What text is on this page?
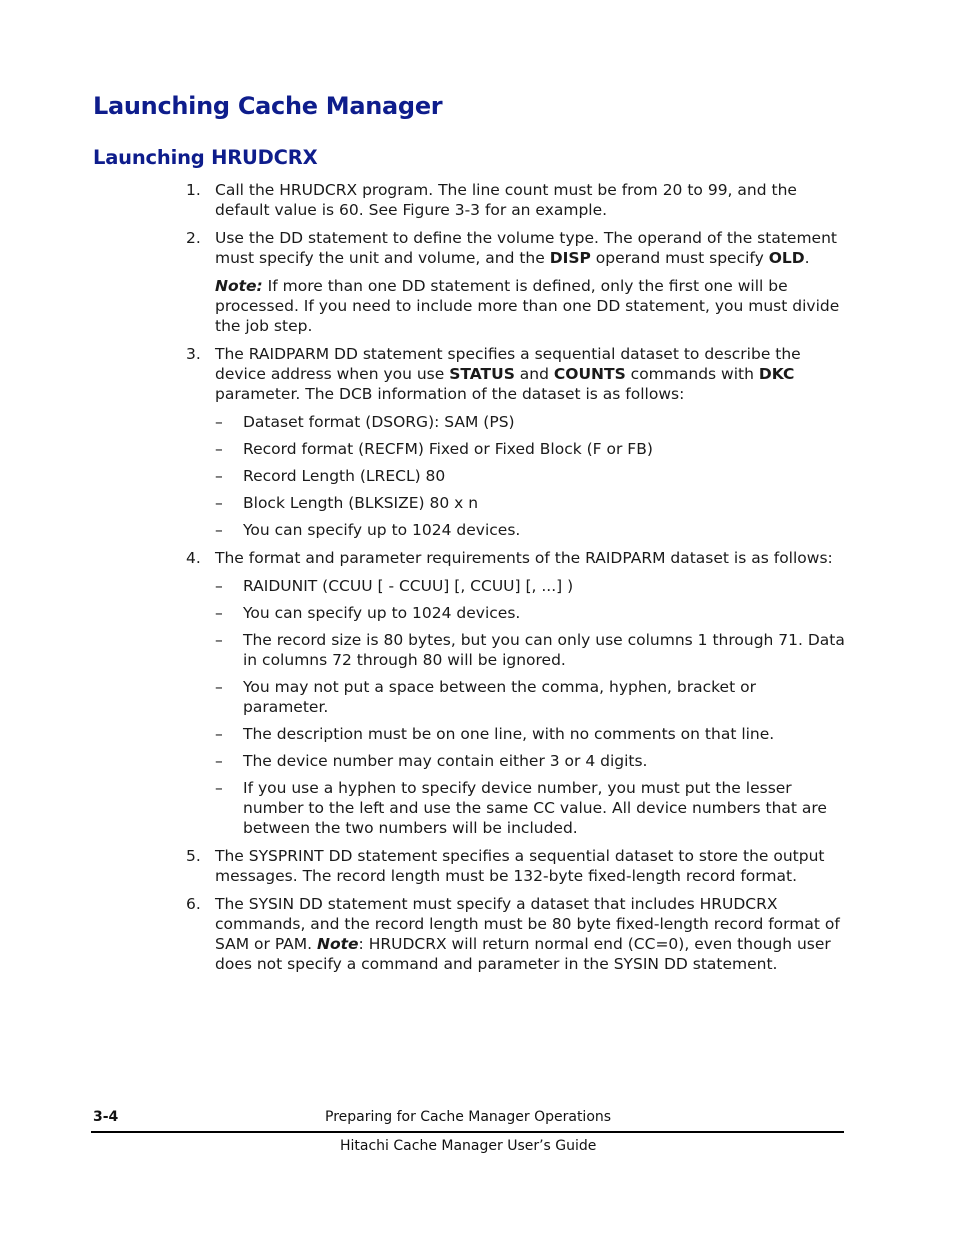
Launching Cache Manager
Launching HRUDCRX
1. Call the HRUDCRX program. The line count must be from 20 to 99, and the default value is 60. See Figure 3-3 for an example.

2. Use the DD statement to define the volume type. The operand of the statement must specify the unit and volume, and the DISP operand must specify OLD.

Note: If more than one DD statement is defined, only the first one will be processed. If you need to include more than one DD statement, you must divide the job step.

3. The RAIDPARM DD statement specifies a sequential dataset to describe the device address when you use STATUS and COUNTS commands with DKC parameter. The DCB information of the dataset is as follows:

– Dataset format (DSORG): SAM (PS)
– Record format (RECFM) Fixed or Fixed Block (F or FB)
– Record Length (LRECL) 80
– Block Length (BLKSIZE) 80 x n
– You can specify up to 1024 devices.
4. The format and parameter requirements of the RAIDPARM dataset is as follows:

– RAIDUNIT (CCUU [ - CCUU] [, CCUU] [, ...] )
– You can specify up to 1024 devices.
– The record size is 80 bytes, but you can only use columns 1 through 71. Data in columns 72 through 80 will be ignored.
– You may not put a space between the comma, hyphen, bracket or parameter.
– The description must be on one line, with no comments on that line.
– The device number may contain either 3 or 4 digits.
– If you use a hyphen to specify device number, you must put the lesser number to the left and use the same CC value. All device numbers that are between the two numbers will be included.
5. The SYSPRINT DD statement specifies a sequential dataset to store the output messages. The record length must be 132-byte fixed-length record format.

6. The SYSIN DD statement must specify a dataset that includes HRUDCRX commands, and the record length must be 80 byte fixed-length record format of SAM or PAM. Note: HRUDCRX will return normal end (CC=0), even though user does not specify a command and parameter in the SYSIN DD statement.

3-4	Preparing for Cache Manager Operations
Hitachi Cache Manager User’s Guide
